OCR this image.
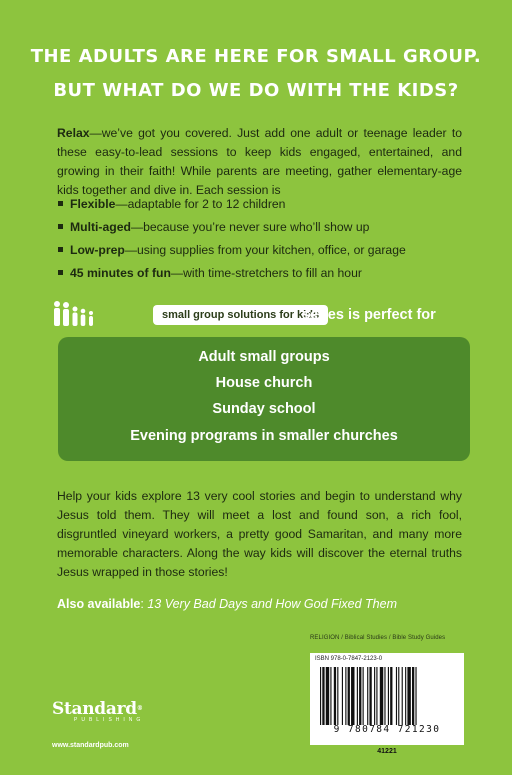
THE ADULTS ARE HERE FOR SMALL GROUP.
BUT WHAT DO WE DO WITH THE KIDS?
Relax—we’ve got you covered. Just add one adult or teenage leader to these easy-to-lead sessions to keep kids engaged, entertained, and growing in their faith! While parents are meeting, gather elementary-age kids together and dive in. Each session is
Flexible—adaptable for 2 to 12 children
Multi-aged—because you’re never sure who’ll show up
Low-prep—using supplies from your kitchen, office, or garage
45 minutes of fun—with time-stretchers to fill an hour
small group solutions for kids
series is perfect for
Adult small groups
House church
Sunday school
Evening programs in smaller churches
Help your kids explore 13 very cool stories and begin to understand why Jesus told them. They will meet a lost and found son, a rich fool, disgruntled vineyard workers, a pretty good Samaritan, and many more memorable characters. Along the way kids will discover the eternal truths Jesus wrapped in those stories!
Also available: 13 Very Bad Days and How God Fixed Them
RELIGION / Biblical Studies / Bible Study Guides
ISBN 978-0-7847-2123-0
9 780784 721230
41221
Standard®
PUBLISHING
www.standardpub.com
